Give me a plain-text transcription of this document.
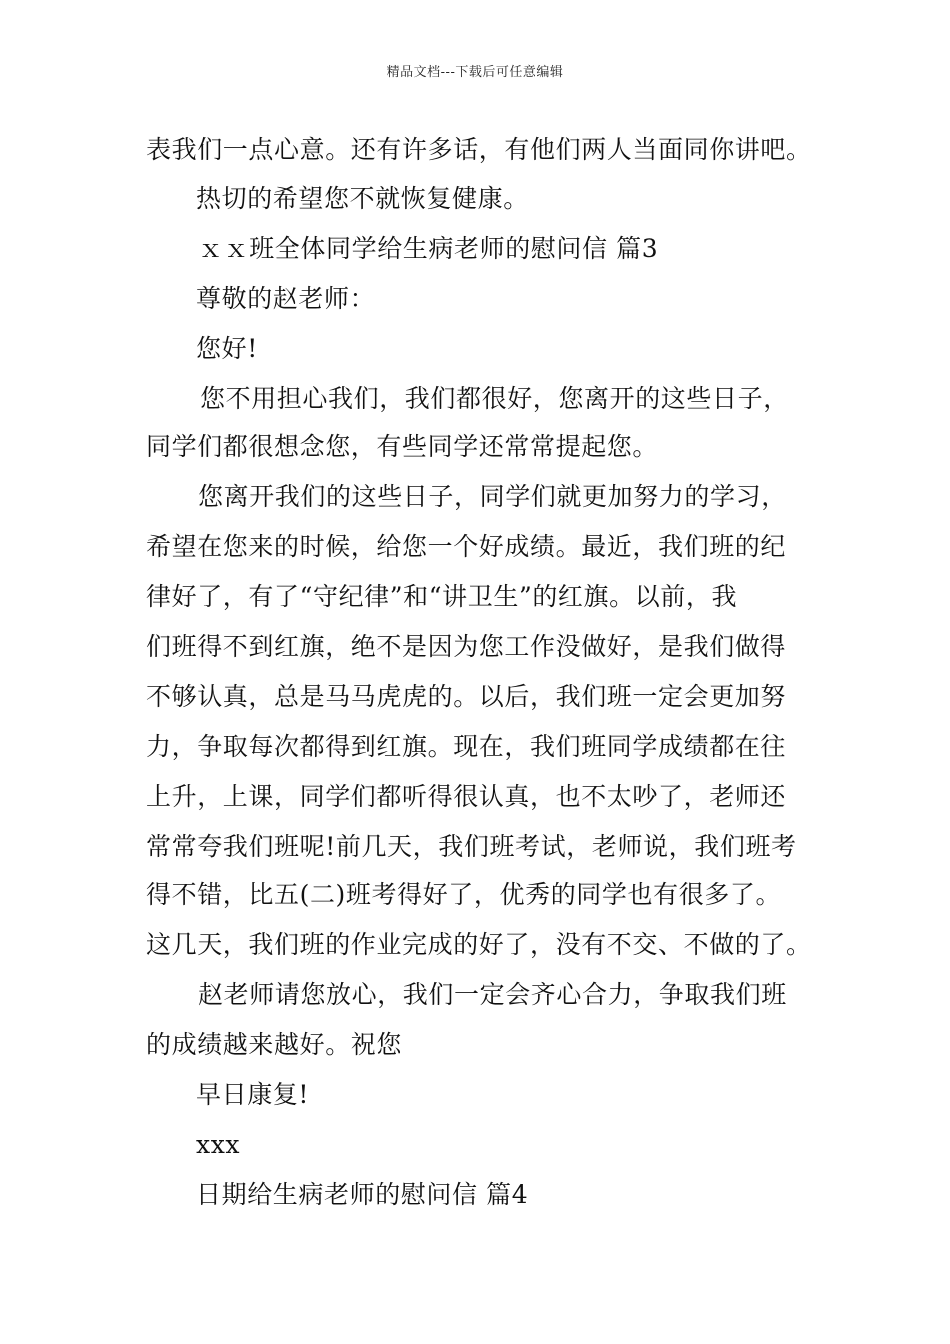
精品文档---下载后可任意编辑
表我们一点心意。还有许多话，有他们两人当面同你讲吧。
热切的希望您不就恢复健康。
ｘｘ班全体同学给生病老师的慰问信 篇3
尊敬的赵老师：
您好!
您不用担心我们，我们都很好，您离开的这些日子，
同学们都很想念您，有些同学还常常提起您。
您离开我们的这些日子，同学们就更加努力的学习，
希望在您来的时候，给您一个好成绩。最近，我们班的纪
律好了，有了“守纪律”和“讲卫生”的红旗。以前，我
们班得不到红旗，绝不是因为您工作没做好，是我们做得
不够认真，总是马马虎虎的。以后，我们班一定会更加努
力，争取每次都得到红旗。现在，我们班同学成绩都在往
上升，上课，同学们都听得很认真，也不太吵了，老师还
常常夸我们班呢!前几天，我们班考试，老师说，我们班考
得不错，比五(二)班考得好了，优秀的同学也有很多了。
这几天，我们班的作业完成的好了，没有不交、不做的了。
赵老师请您放心，我们一定会齐心合力，争取我们班
的成绩越来越好。祝您
早日康复!
xxx
日期给生病老师的慰问信 篇4
